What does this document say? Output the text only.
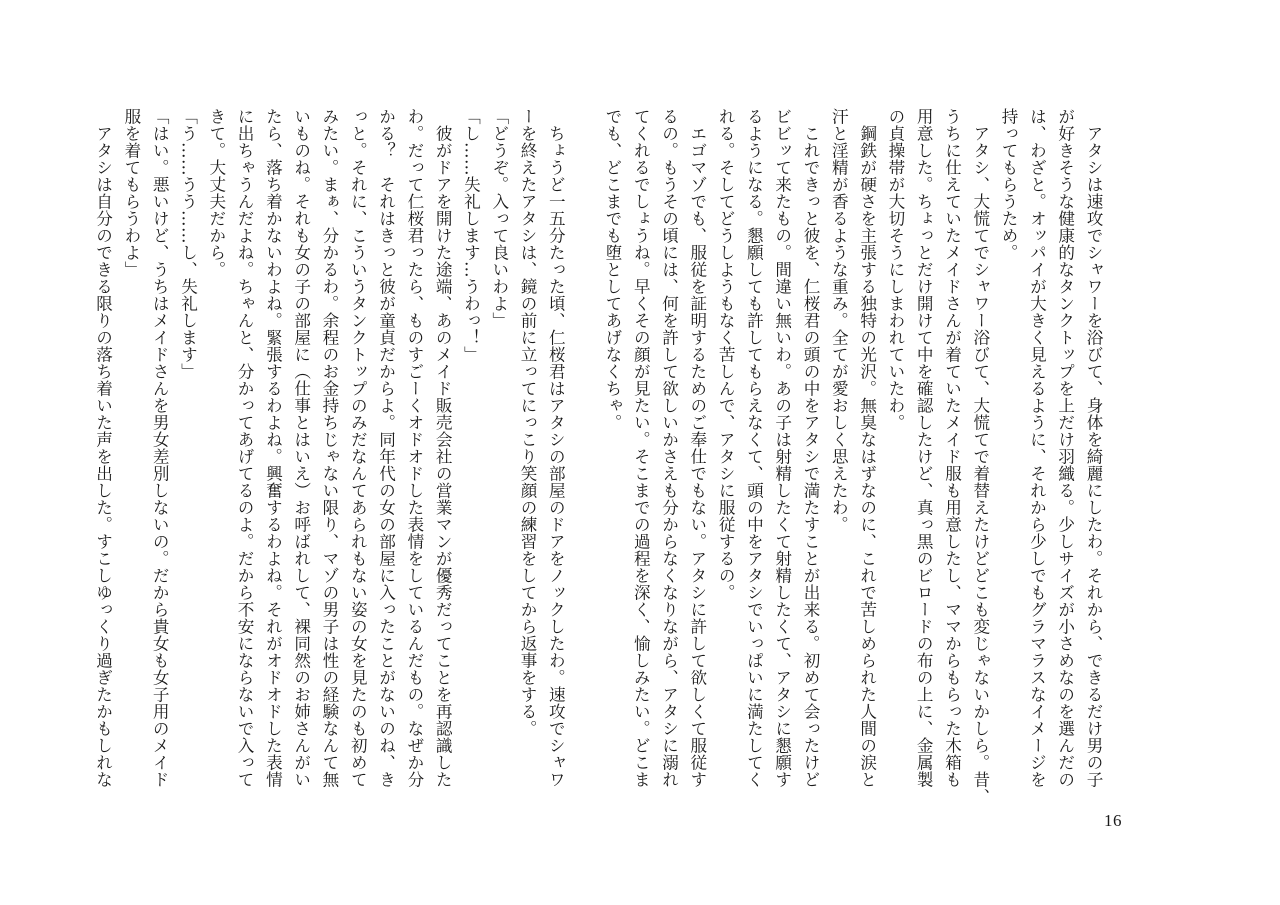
　アタシは速攻でシャワーを浴びて、身体を綺麗にしたわ。それから、できるだけ男の子
が好きそうな健康的なタンクトップを上だけ羽織る。少しサイズが小さめなのを選んだの
は、わざと。オッパイが大きく見えるように、それから少しでもグラマラスなイメージを
持ってもらうため。
　アタシ、大慌てでシャワー浴びて、大慌てで着替えたけどどこも変じゃないかしら。昔、
うちに仕えていたメイドさんが着ていたメイド服も用意したし、ママからもらった木箱も
用意した。ちょっとだけ開けて中を確認したけど、真っ黒のビロードの布の上に、金属製
の貞操帯が大切そうにしまわれていたわ。
　鋼鉄が硬さを主張する独特の光沢。無臭なはずなのに、これで苦しめられた人間の涙と
汗と淫精が香るような重み。全てが愛おしく思えたわ。
　これできっと彼を、仁桜君の頭の中をアタシで満たすことが出来る。初めて会ったけど
ビビッて来たもの。間違い無いわ。あの子は射精したくて射精したくて、アタシに懇願す
るようになる。懇願しても許してもらえなくて、頭の中をアタシでいっぱいに満たしてく
れる。そしてどうしようもなく苦しんで、アタシに服従するの。
　エゴマゾでも、服従を証明するためのご奉仕でもない。アタシに許して欲しくて服従す
るの。もうその頃には、何を許して欲しいかさえも分からなくなりながら、アタシに溺れ
てくれるでしょうね。早くその顔が見たい。そこまでの過程を深く、愉しみたい。どこま
でも、どこまでも堕としてあげなくちゃ。
　ちょうど一五分たった頃、仁桜君はアタシの部屋のドアをノックしたわ。速攻でシャワ
ーを終えたアタシは、鏡の前に立ってにっこり笑顔の練習をしてから返事をする。
「どうぞ。入って良いわよ」
「し……失礼します…うわっ！」
　彼がドアを開けた途端、あのメイド販売会社の営業マンが優秀だってことを再認識した
わ。だって仁桜君ったら、ものすごーくオドオドした表情をしているんだもの。なぜか分
かる？　それはきっと彼が童貞だからよ。同年代の女の部屋に入ったことがないのね、き
っと。それに、こういうタンクトップのみだなんてあられもない姿の女を見たのも初めて
みたい。まぁ、分かるわ。余程のお金持ちじゃない限り、マゾの男子は性の経験なんて無
いものね。それも女の子の部屋に（仕事とはいえ）お呼ばれして、裸同然のお姉さんがい
たら、落ち着かないわよね。緊張するわよね。興奮するわよね。それがオドオドした表情
に出ちゃうんだよね。ちゃんと、分かってあげてるのよ。だから不安にならないで入って
きて。大丈夫だから。
「う……うう……し、失礼します」
「はい。悪いけど、うちはメイドさんを男女差別しないの。だから貴女も女子用のメイド
服を着てもらうわよ」
　アタシは自分のできる限りの落ち着いた声を出した。すこしゆっくり過ぎたかもしれな
16
